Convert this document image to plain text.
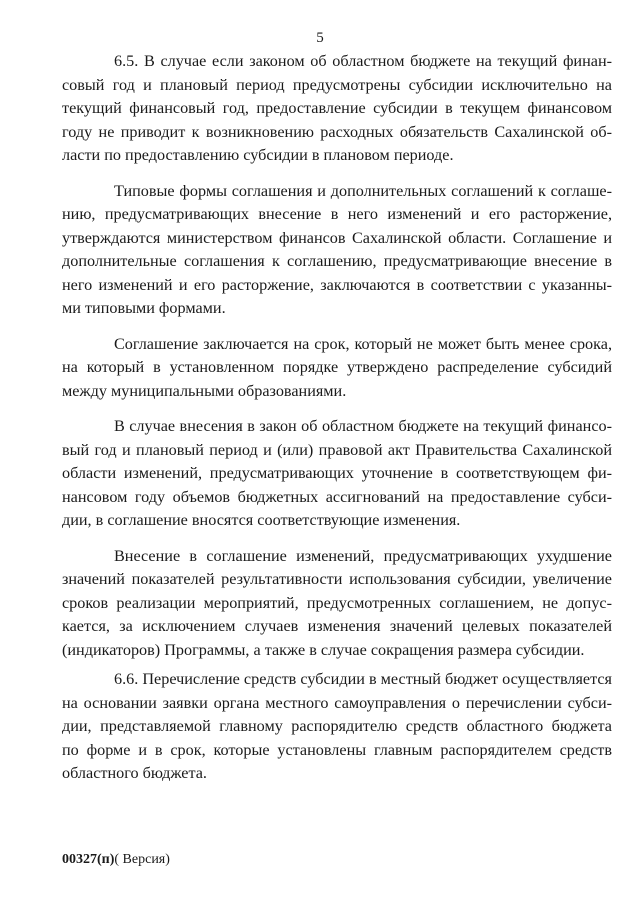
5

6.5. В случае если законом об областном бюджете на текущий финан-
совый год и плановый период предусмотрены субсидии исключительно на
текущий финансовый год, предоставление субсидии в текущем финансовом
году не приводит к возникновению расходных обязательств Сахалинской об-
ласти по предоставлению субсидии в плановом периоде.

Типовые формы соглашения и дополнительных соглашений к соглаше-
нию, предусматривающих внесение в него изменений и его расторжение,
утверждаются министерством финансов Сахалинской области. Соглашение и
дополнительные соглашения к соглашению, предусматривающие внесение в
него изменений и его расторжение, заключаются в соответствии с указанны-
ми типовыми формами.

Соглашение заключается на срок, который не может быть менее срока,
на который в установленном порядке утверждено распределение субсидий
между муниципальными образованиями.

В случае внесения в закон об областном бюджете на текущий финансо-
вый год и плановый период и (или) правовой акт Правительства Сахалинской
области изменений, предусматривающих уточнение в соответствующем фи-
нансовом году объемов бюджетных ассигнований на предоставление субси-
дии, в соглашение вносятся соответствующие изменения.

Внесение в соглашение изменений, предусматривающих ухудшение
значений показателей результативности использования субсидии, увеличение
сроков реализации мероприятий, предусмотренных соглашением, не допус-
кается, за исключением случаев изменения значений целевых показателей
(индикаторов) Программы, а также в случае сокращения размера субсидии.

6.6. Перечисление средств субсидии в местный бюджет осуществляется
на основании заявки органа местного самоуправления о перечислении субси-
дии, представляемой главному распорядителю средств областного бюджета
по форме и в срок, которые установлены главным распорядителем средств
областного бюджета.

00327(п)( Версия)
